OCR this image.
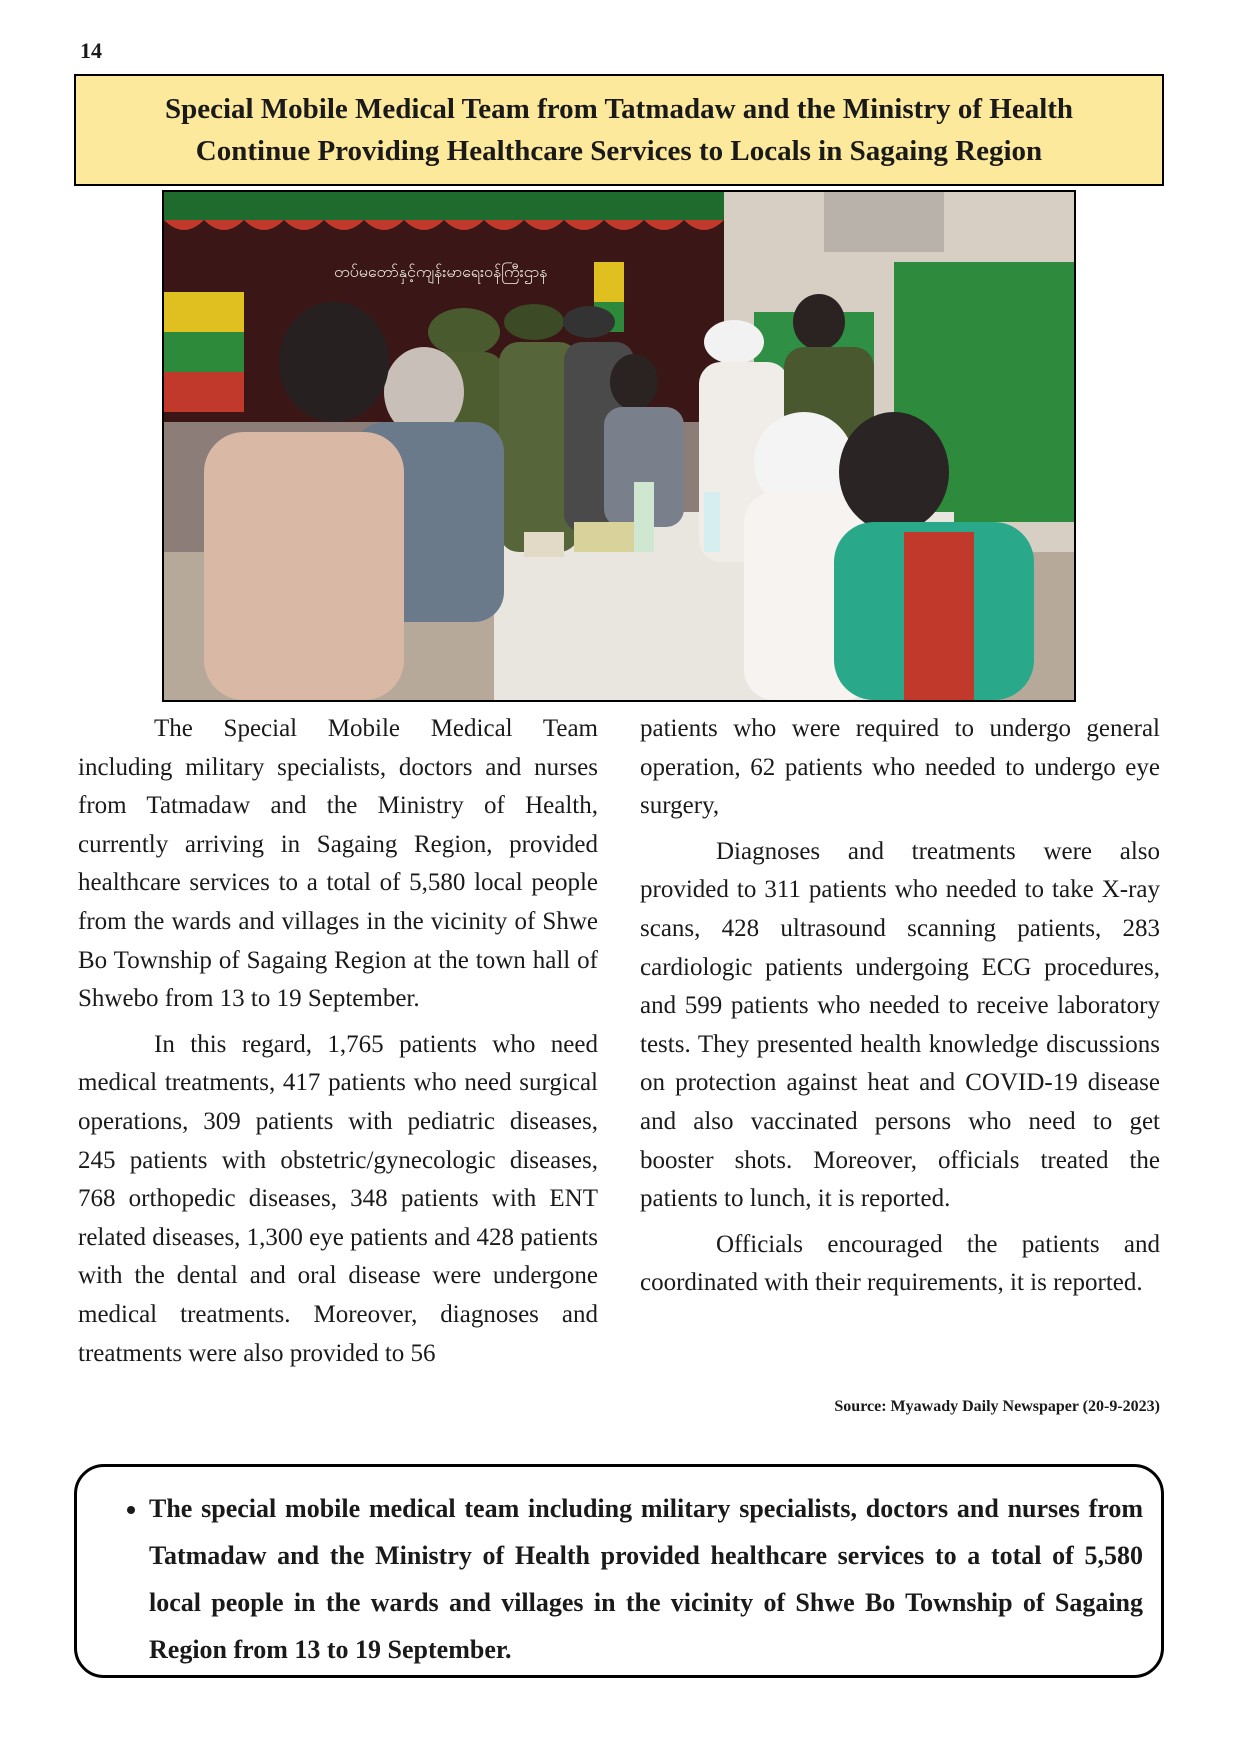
14
Special Mobile Medical Team from Tatmadaw and the Ministry of Health
Continue Providing Healthcare Services to Locals in Sagaing Region
တပ်မတော်နှင့်ကျန်းမာရေးဝန်ကြီးဌာန

The Special Mobile Medical Team including military specialists, doctors and nurses from Tatmadaw and the Ministry of Health, currently arriving in Sagaing Region, provided healthcare services to a total of 5,580 local people from the wards and villages in the vicinity of Shwe Bo Township of Sagaing Region at the town hall of Shwebo from 13 to 19 September.

In this regard, 1,765 patients who need medical treatments, 417 patients who need surgical operations, 309 patients with pediatric diseases, 245 patients with obstetric/gynecologic diseases, 768 orthopedic diseases, 348 patients with ENT related diseases, 1,300 eye patients and 428 patients with the dental and oral disease were undergone medical treatments. Moreover, diagnoses and treatments were also provided to 56

patients who were required to undergo general operation, 62 patients who needed to undergo eye surgery,

Diagnoses and treatments were also provided to 311 patients who needed to take X-ray scans, 428 ultrasound scanning patients, 283 cardiologic patients undergoing ECG procedures, and 599 patients who needed to receive laboratory tests. They presented health knowledge discussions on protection against heat and COVID-19 disease and also vaccinated persons who need to get booster shots. Moreover, officials treated the patients to lunch, it is reported.

Officials encouraged the patients and coordinated with their requirements, it is reported.

Source: Myawady Daily Newspaper (20-9-2023)
• The special mobile medical team including military specialists, doctors and nurses from Tatmadaw and the Ministry of Health provided healthcare services to a total of 5,580 local people in the wards and villages in the vicinity of Shwe Bo Township of Sagaing Region from 13 to 19 September.
